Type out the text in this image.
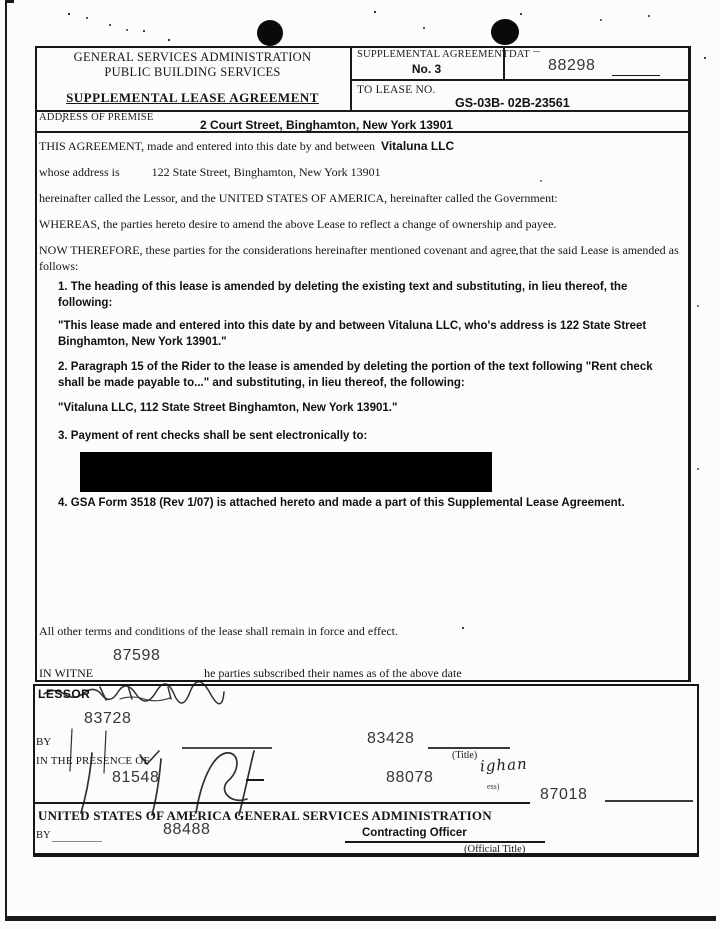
GENERAL SERVICES ADMINISTRATION
PUBLIC BUILDING SERVICES
SUPPLEMENTAL LEASE AGREEMENT
SUPPLEMENTAL AGREEMENT
No. 3
DAT
88298
TO LEASE NO.
GS-03B- 02B-23561
ADDRESS OF PREMISE
2 Court Street, Binghamton, New York 13901
THIS AGREEMENT, made and entered into this date by and between Vitaluna LLC
whose address is	122 State Street, Binghamton, New York 13901
hereinafter called the Lessor, and the UNITED STATES OF AMERICA, hereinafter called the Government:
WHEREAS, the parties hereto desire to amend the above Lease to reflect a change of ownership and payee.
NOW THEREFORE, these parties for the considerations hereinafter mentioned covenant and agree that the said Lease is amended as follows:
1. The heading of this lease is amended by deleting the existing text and substituting, in lieu thereof, the following:
"This lease made and entered into this date by and between Vitaluna LLC, who's address is 122 State Street Binghamton, New York 13901."
2. Paragraph 15 of the Rider to the lease is amended by deleting the portion of the text following "Rent check shall be made payable to..." and substituting, in lieu thereof, the following:
"Vitaluna LLC, 112 State Street Binghamton, New York 13901."
3. Payment of rent checks shall be sent electronically to:
4. GSA Form 3518 (Rev 1/07) is attached hereto and made a part of this Supplemental Lease Agreement.
All other terms and conditions of the lease shall remain in force and effect.
87598
IN WITNE	he parties subscribed their names as of the above date
LESSOR
83728
BY	83428
(Title)
IN THE PRESENCE OF
81548	88078
ighan
ess)	87018
UNITED STATES OF AMERICA GENERAL SERVICES ADMINISTRATION
BY	88488	Contracting Officer
(Official Title)
